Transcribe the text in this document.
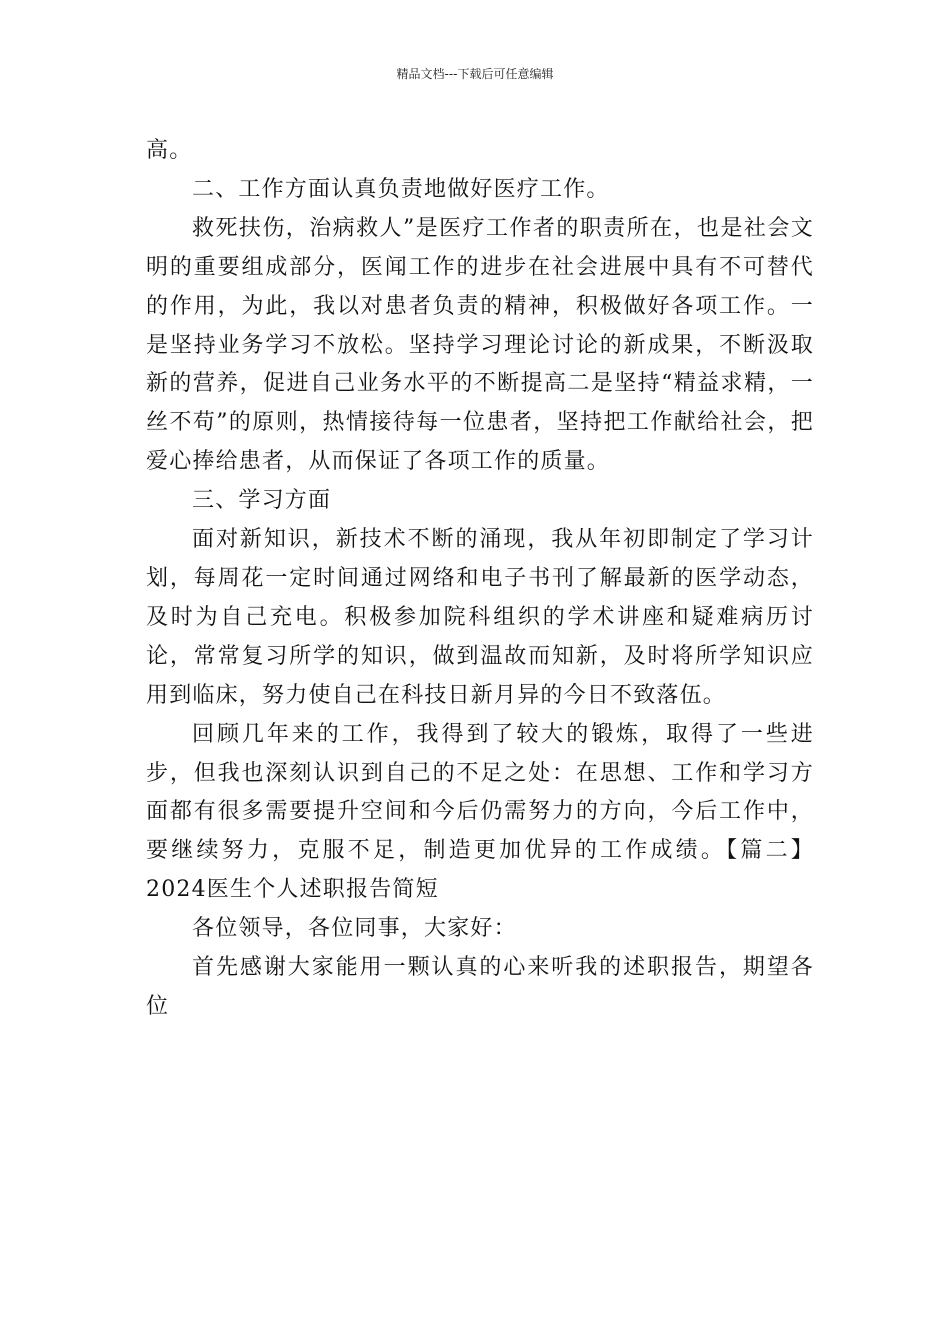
精品文档---下载后可任意编辑

高。

二、工作方面认真负责地做好医疗工作。

救死扶伤，治病救人”是医疗工作者的职责所在，也是社会文明的重要组成部分，医闻工作的进步在社会进展中具有不可替代的作用，为此，我以对患者负责的精神，积极做好各项工作。一是坚持业务学习不放松。坚持学习理论讨论的新成果，不断汲取新的营养，促进自己业务水平的不断提高二是坚持“精益求精，一丝不苟”的原则，热情接待每一位患者，坚持把工作献给社会，把爱心捧给患者，从而保证了各项工作的质量。

三、学习方面

面对新知识，新技术不断的涌现，我从年初即制定了学习计划，每周花一定时间通过网络和电子书刊了解最新的医学动态，及时为自己充电。积极参加院科组织的学术讲座和疑难病历讨论，常常复习所学的知识，做到温故而知新，及时将所学知识应用到临床，努力使自己在科技日新月异的今日不致落伍。

回顾几年来的工作，我得到了较大的锻炼，取得了一些进步，但我也深刻认识到自己的不足之处：在思想、工作和学习方面都有很多需要提升空间和今后仍需努力的方向，今后工作中，要继续努力，克服不足，制造更加优异的工作成绩。【篇二】2024医生个人述职报告简短

各位领导，各位同事，大家好：

首先感谢大家能用一颗认真的心来听我的述职报告，期望各位
